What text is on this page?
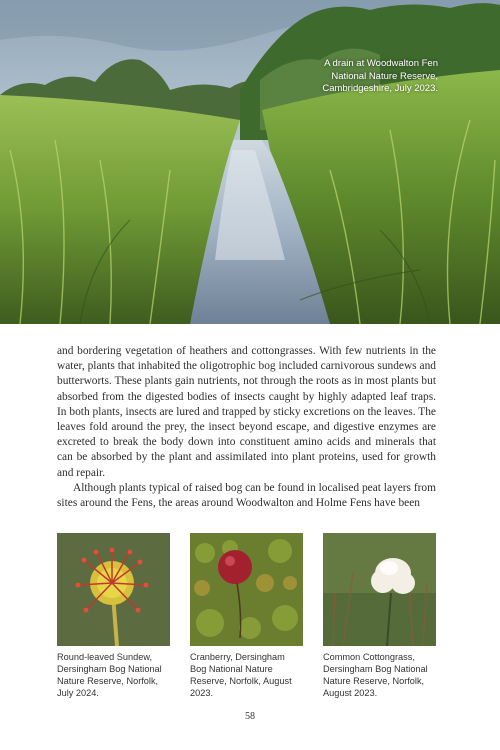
A drain at Woodwalton Fen National Nature Reserve, Cambridgeshire, July 2023.

and bordering vegetation of heathers and cottongrasses. With few nutrients in the water, plants that inhabited the oligotrophic bog included carnivorous sundews and butterworts. These plants gain nutrients, not through the roots as in most plants but absorbed from the digested bodies of insects caught by highly adapted leaf traps. In both plants, insects are lured and trapped by sticky excretions on the leaves. The leaves fold around the prey, the insect beyond escape, and digestive enzymes are excreted to break the body down into constituent amino acids and minerals that can be absorbed by the plant and assimilated into plant proteins, used for growth and repair.

Although plants typical of raised bog can be found in localised peat layers from sites around the Fens, the areas around Woodwalton and Holme Fens have been

Round-leaved Sundew, Dersingham Bog National Nature Reserve, Norfolk, July 2024.
Cranberry, Dersingham Bog National Nature Reserve, Norfolk, August 2023.
Common Cottongrass, Dersingham Bog National Nature Reserve, Norfolk, August 2023.
58
